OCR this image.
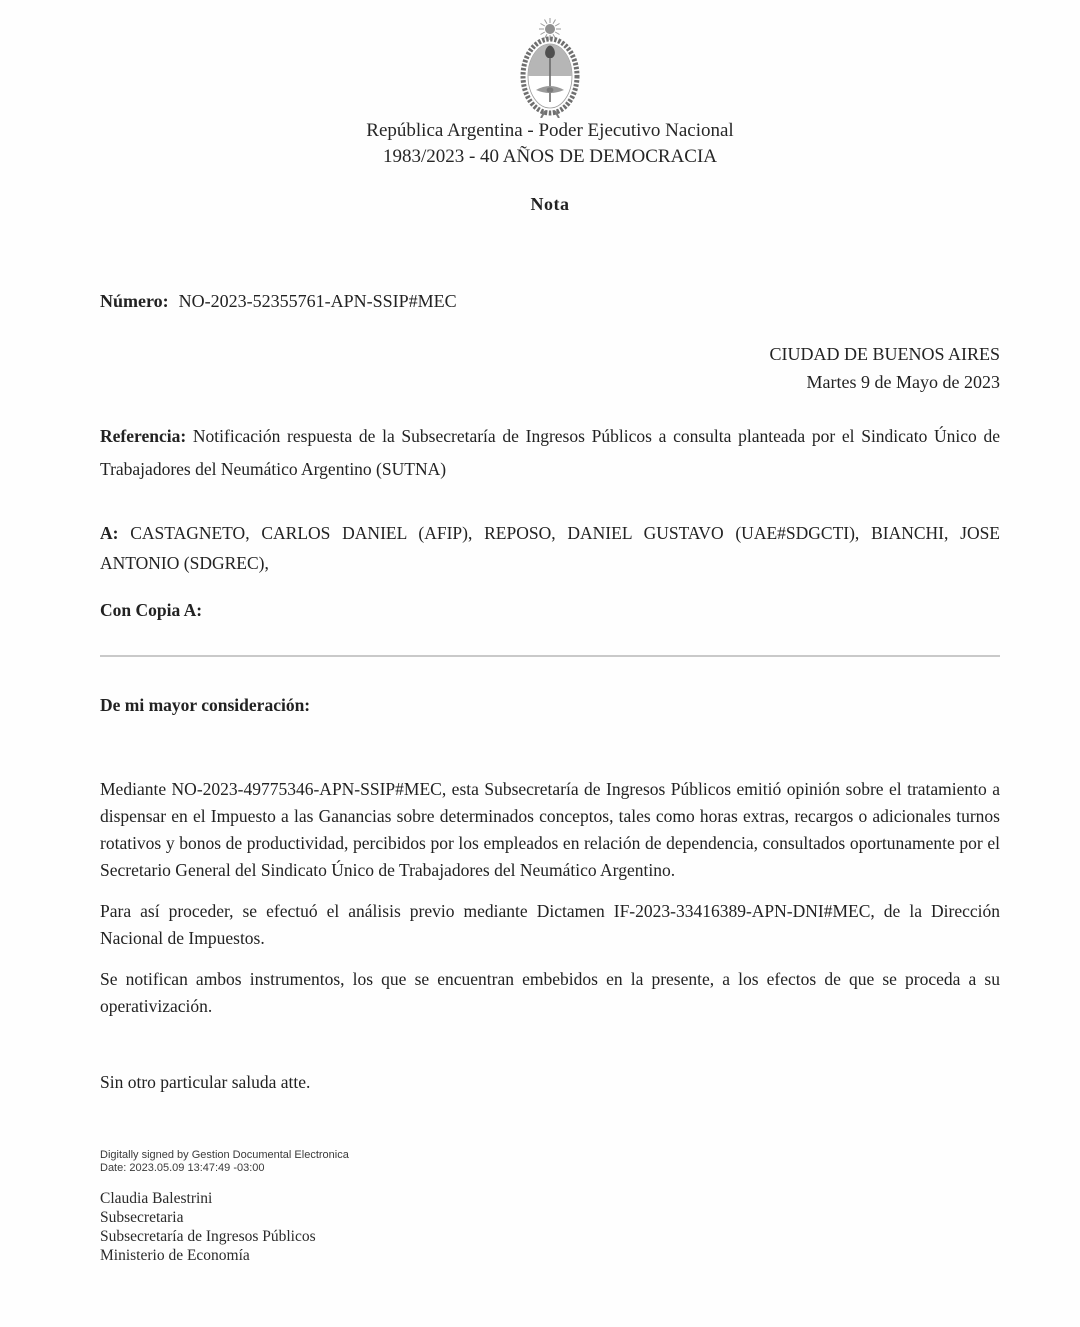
República Argentina - Poder Ejecutivo Nacional
1983/2023 - 40 AÑOS DE DEMOCRACIA
Nota

Número: NO-2023-52355761-APN-SSIP#MEC

CIUDAD DE BUENOS AIRES
Martes 9 de Mayo de 2023

Referencia: Notificación respuesta de la Subsecretaría de Ingresos Públicos a consulta planteada por el Sindicato Único de Trabajadores del Neumático Argentino (SUTNA)

A: CASTAGNETO, CARLOS DANIEL (AFIP), REPOSO, DANIEL GUSTAVO (UAE#SDGCTI), BIANCHI, JOSE ANTONIO (SDGREC),

Con Copia A:

De mi mayor consideración:

Mediante NO-2023-49775346-APN-SSIP#MEC, esta Subsecretaría de Ingresos Públicos emitió opinión sobre el tratamiento a dispensar en el Impuesto a las Ganancias sobre determinados conceptos, tales como horas extras, recargos o adicionales turnos rotativos y bonos de productividad, percibidos por los empleados en relación de dependencia, consultados oportunamente por el Secretario General del Sindicato Único de Trabajadores del Neumático Argentino.

Para así proceder, se efectuó el análisis previo mediante Dictamen IF-2023-33416389-APN-DNI#MEC, de la Dirección Nacional de Impuestos.

Se notifican ambos instrumentos, los que se encuentran embebidos en la presente, a los efectos de que se proceda a su operativización.

Sin otro particular saluda atte.

Digitally signed by Gestion Documental Electronica
Date: 2023.05.09 13:47:49 -03:00
Claudia Balestrini
Subsecretaria
Subsecretaría de Ingresos Públicos
Ministerio de Economía
